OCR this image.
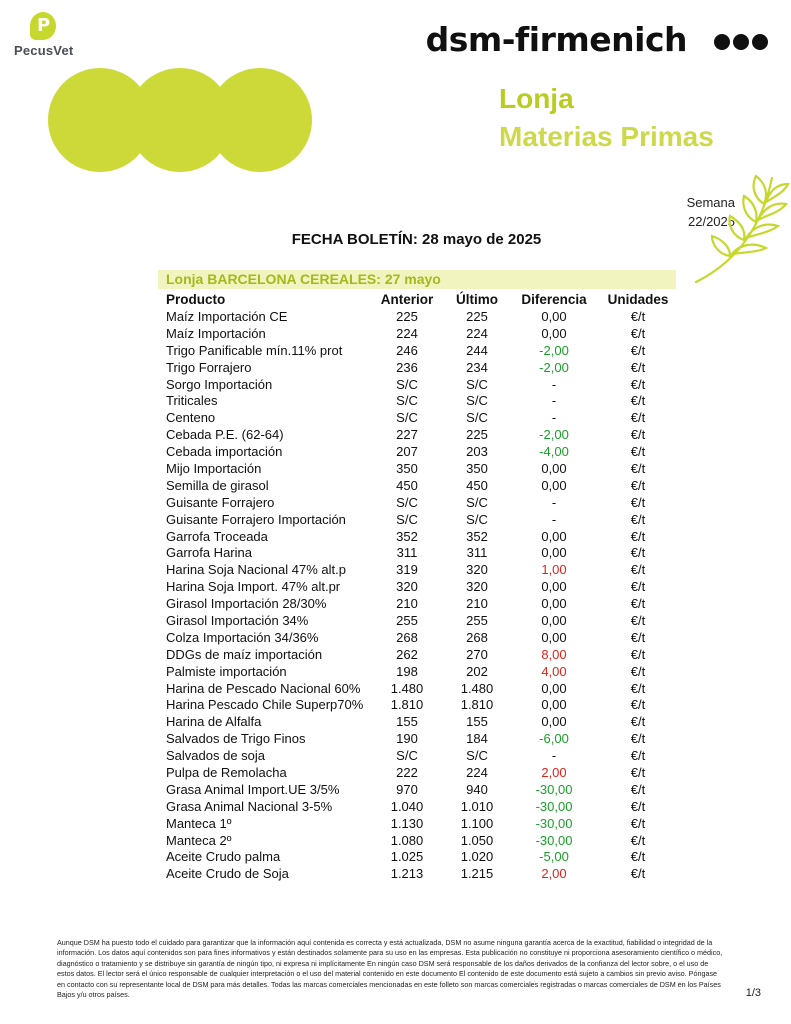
P
PecusVet	dsm-firmenich
Lonja
Materias Primas
Semana
22/2025
FECHA BOLETÍN: 28 mayo de 2025
Lonja BARCELONA CEREALES: 27 mayo
Producto	Anterior	Último	Diferencia	Unidades
Maíz Importación CE	225	225	0,00	€/t
Maíz Importación	224	224	0,00	€/t
Trigo Panificable mín.11% prot	246	244	-2,00	€/t
Trigo Forrajero	236	234	-2,00	€/t
Sorgo Importación	S/C	S/C	-	€/t
Triticales	S/C	S/C	-	€/t
Centeno	S/C	S/C	-	€/t
Cebada P.E. (62-64)	227	225	-2,00	€/t
Cebada importación	207	203	-4,00	€/t
Mijo Importación	350	350	0,00	€/t
Semilla de girasol	450	450	0,00	€/t
Guisante Forrajero	S/C	S/C	-	€/t
Guisante Forrajero Importación	S/C	S/C	-	€/t
Garrofa Troceada	352	352	0,00	€/t
Garrofa Harina	311	311	0,00	€/t
Harina Soja Nacional 47% alt.p	319	320	1,00	€/t
Harina Soja Import. 47% alt.pr	320	320	0,00	€/t
Girasol Importación 28/30%	210	210	0,00	€/t
Girasol Importación 34%	255	255	0,00	€/t
Colza Importación 34/36%	268	268	0,00	€/t
DDGs de maíz importación	262	270	8,00	€/t
Palmiste importación	198	202	4,00	€/t
Harina de Pescado Nacional 60%	1.480	1.480	0,00	€/t
Harina Pescado Chile Superp70%	1.810	1.810	0,00	€/t
Harina de Alfalfa	155	155	0,00	€/t
Salvados de Trigo Finos	190	184	-6,00	€/t
Salvados de soja	S/C	S/C	-	€/t
Pulpa de Remolacha	222	224	2,00	€/t
Grasa Animal Import.UE 3/5%	970	940	-30,00	€/t
Grasa Animal Nacional 3-5%	1.040	1.010	-30,00	€/t
Manteca 1º	1.130	1.100	-30,00	€/t
Manteca 2º	1.080	1.050	-30,00	€/t
Aceite Crudo palma	1.025	1.020	-5,00	€/t
Aceite Crudo de Soja	1.213	1.215	2,00	€/t
Aunque DSM ha puesto todo el cuidado para garantizar que la información aquí contenida es correcta y está actualizada, DSM no asume ninguna garantía acerca de la exactitud, fiabilidad o integridad de la información. Los datos aquí contenidos son para fines informativos y están destinados solamente para su uso en las empresas. Esta publicación no constituye ni proporciona asesoramiento científico o médico, diagnóstico o tratamiento y se distribuye sin garantía de ningún tipo, ni expresa ni implícitamente En ningún caso DSM será responsable de los daños derivados de la confianza del lector sobre, o el uso de estos datos. El lector será el único responsable de cualquier interpretación o el uso del material contenido en este documento El contenido de este documento está sujeto a cambios sin previo aviso. Póngase en contacto con su representante local de DSM para más detalles. Todas las marcas comerciales mencionadas en este folleto son marcas comerciales registradas o marcas comerciales de DSM en los Países Bajos y/u otros países.	1/3
